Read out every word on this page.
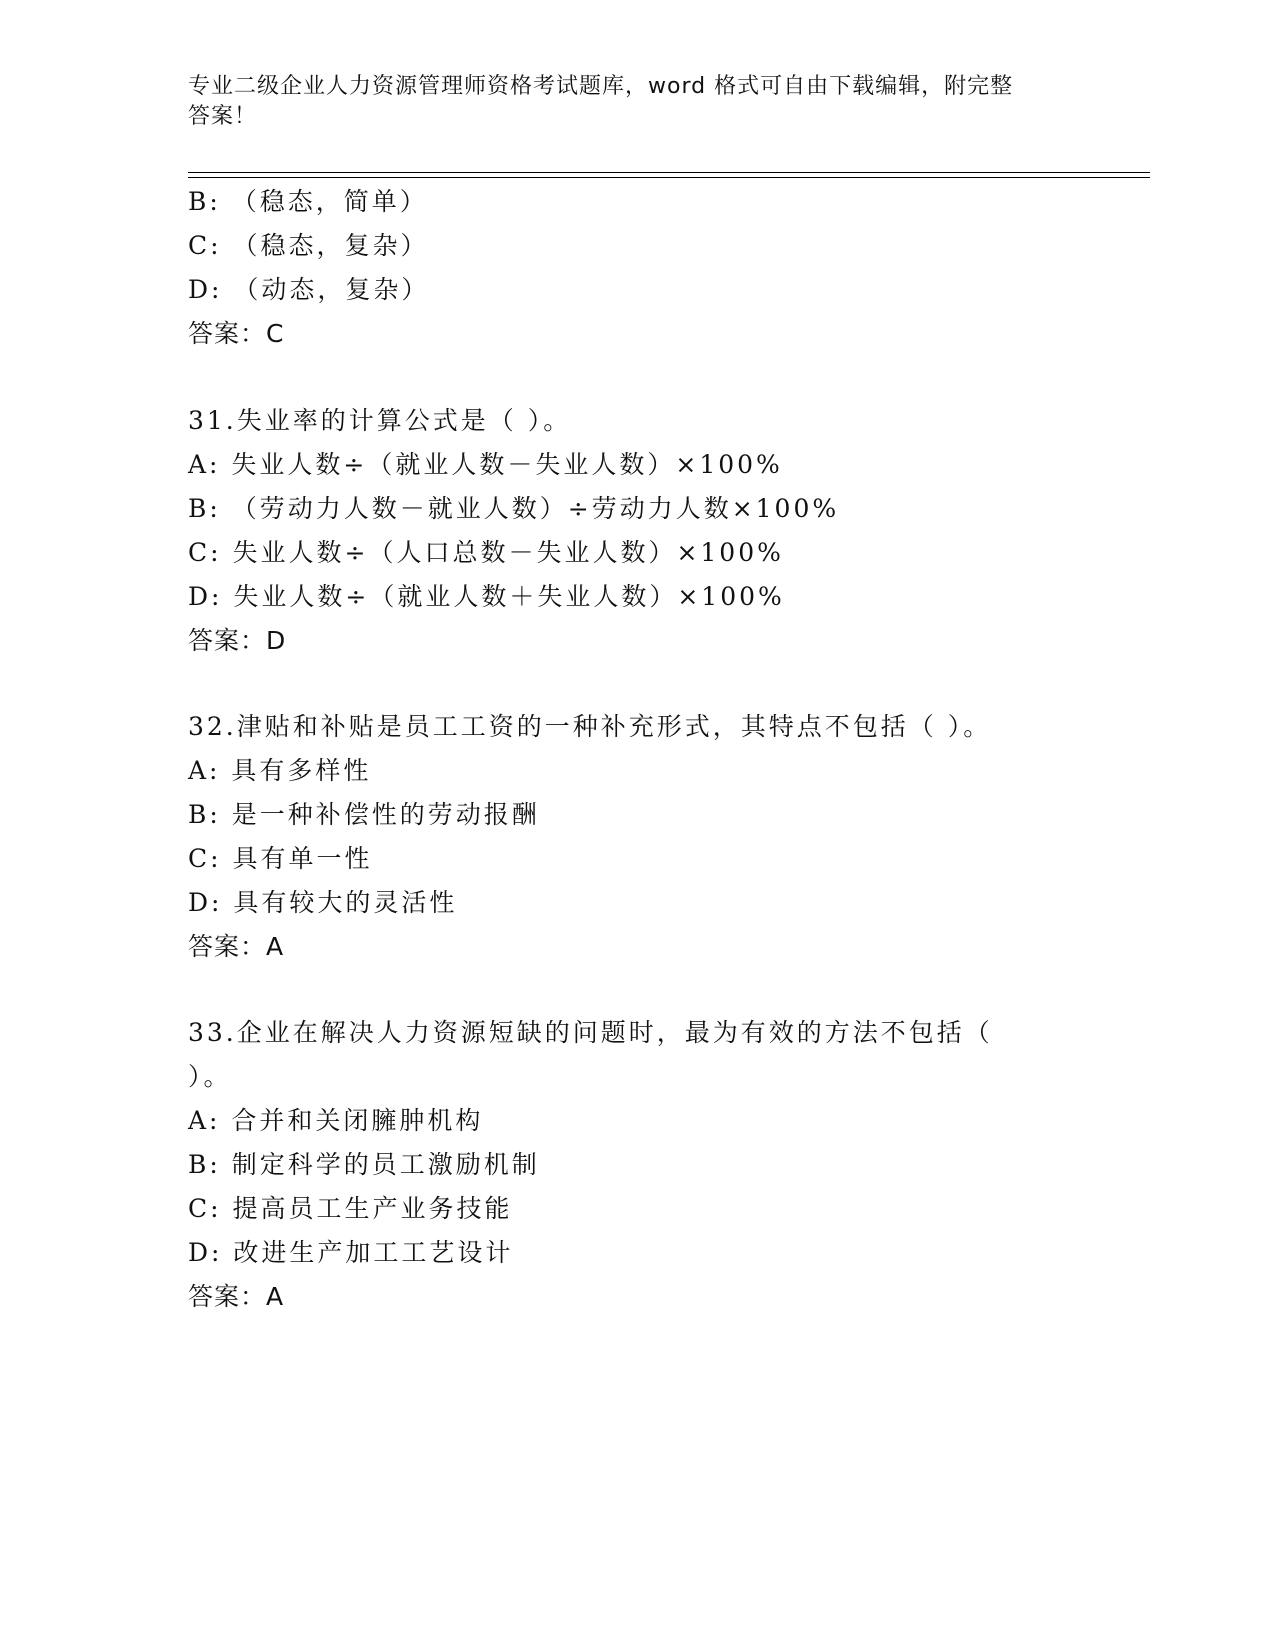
专业二级企业人力资源管理师资格考试题库，word 格式可自由下载编辑，附完整
答案！
B: （稳态，简单）
C: （稳态，复杂）
D: （动态，复杂）
答案：C
31.失业率的计算公式是（ ）。
A: 失业人数÷（就业人数－失业人数）×100%
B: （劳动力人数－就业人数）÷劳动力人数×100%
C: 失业人数÷（人口总数－失业人数）×100%
D: 失业人数÷（就业人数＋失业人数）×100%
答案：D
32.津贴和补贴是员工工资的一种补充形式，其特点不包括（ ）。
A: 具有多样性
B: 是一种补偿性的劳动报酬
C: 具有单一性
D: 具有较大的灵活性
答案：A
33.企业在解决人力资源短缺的问题时，最为有效的方法不包括（
）。
A: 合并和关闭臃肿机构
B: 制定科学的员工激励机制
C: 提高员工生产业务技能
D: 改进生产加工工艺设计
答案：A
